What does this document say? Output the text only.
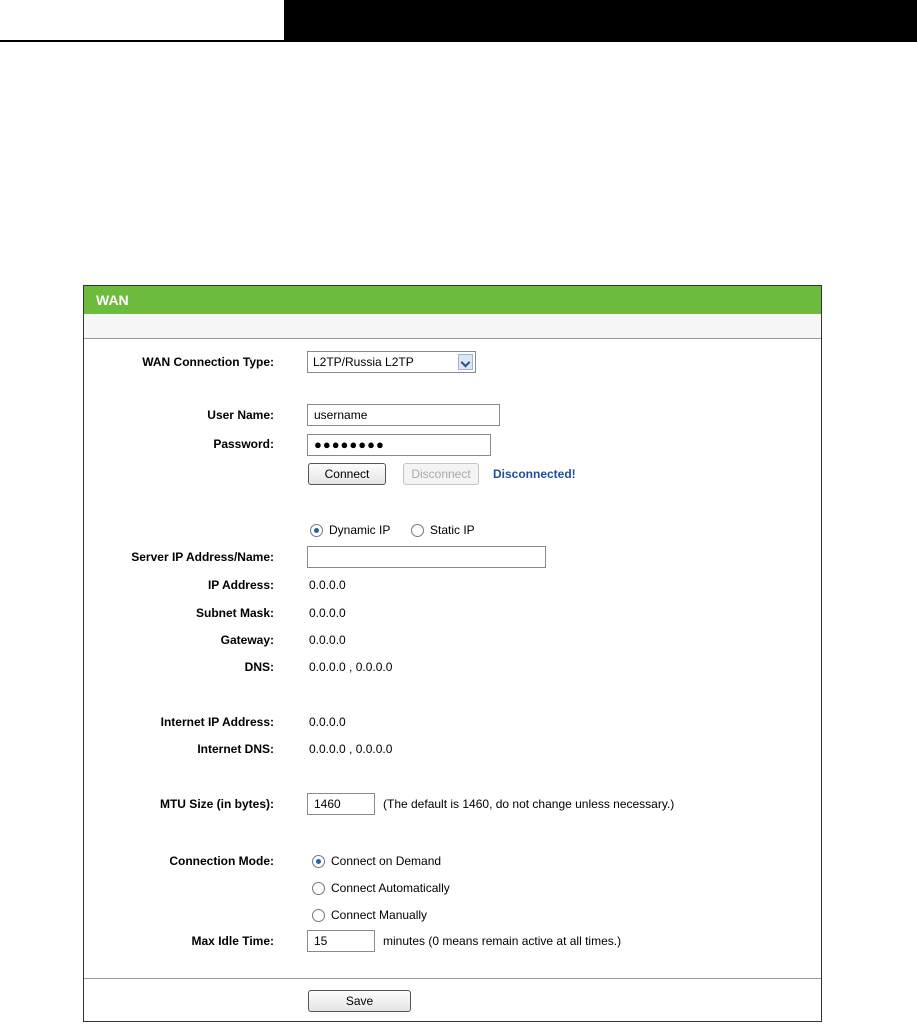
WAN
WAN Connection Type:	L2TP/Russia L2TP
User Name:	username
Password:	●●●●●●●●
Connect	Disconnect	Disconnected!
Dynamic IP	Static IP
Server IP Address/Name:
IP Address:	0.0.0.0
Subnet Mask:	0.0.0.0
Gateway:	0.0.0.0
DNS:	0.0.0.0 , 0.0.0.0
Internet IP Address:	0.0.0.0
Internet DNS:	0.0.0.0 , 0.0.0.0
MTU Size (in bytes):	1460	(The default is 1460, do not change unless necessary.)
Connection Mode:	Connect on Demand
Connect Automatically
Connect Manually
Max Idle Time:	15	minutes (0 means remain active at all times.)
Save
